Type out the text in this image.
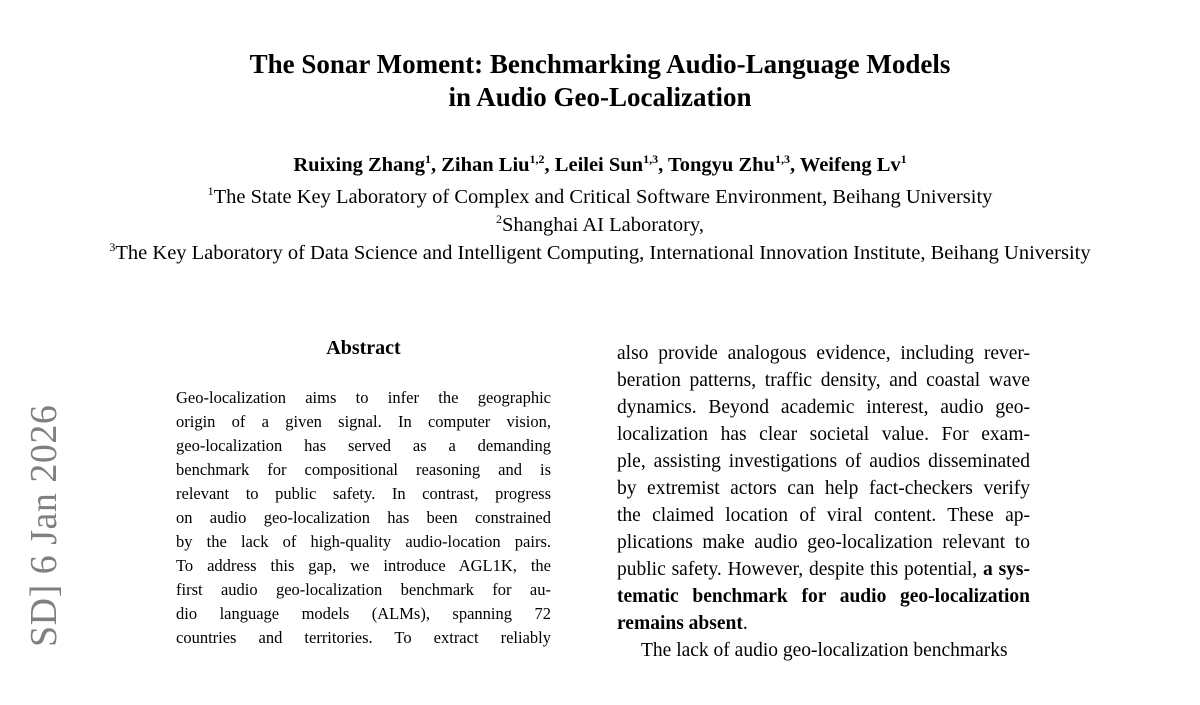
The Sonar Moment: Benchmarking Audio-Language Models
in Audio Geo-Localization
Ruixing Zhang$^1$, Zihan Liu$^{1,2}$, Leilei Sun$^{1,3}$, Tongyu Zhu$^{1,3}$, Weifeng Lv$^1$
$^1$The State Key Laboratory of Complex and Critical Software Environment, Beihang University
$^2$Shanghai AI Laboratory,
$^3$The Key Laboratory of Data Science and Intelligent Computing, International Innovation Institute, Beihang University
SD] 6 Jan 2026
Abstract
Geo-localization aims to infer the geographic
origin of a given signal. In computer vision,
geo-localization has served as a demanding
benchmark for compositional reasoning and is
relevant to public safety. In contrast, progress
on audio geo-localization has been constrained
by the lack of high-quality audio-location pairs.
To address this gap, we introduce AGL1K, the
first audio geo-localization benchmark for au-
dio language models (ALMs), spanning 72
countries and territories. To extract reliably
also provide analogous evidence, including rever-
beration patterns, traffic density, and coastal wave
dynamics. Beyond academic interest, audio geo-
localization has clear societal value. For exam-
ple, assisting investigations of audios disseminated
by extremist actors can help fact-checkers verify
the claimed location of viral content. These ap-
plications make audio geo-localization relevant to
public safety. However, despite this potential, a sys-
tematic benchmark for audio geo-localization
remains absent.
The lack of audio geo-localization benchmarks
